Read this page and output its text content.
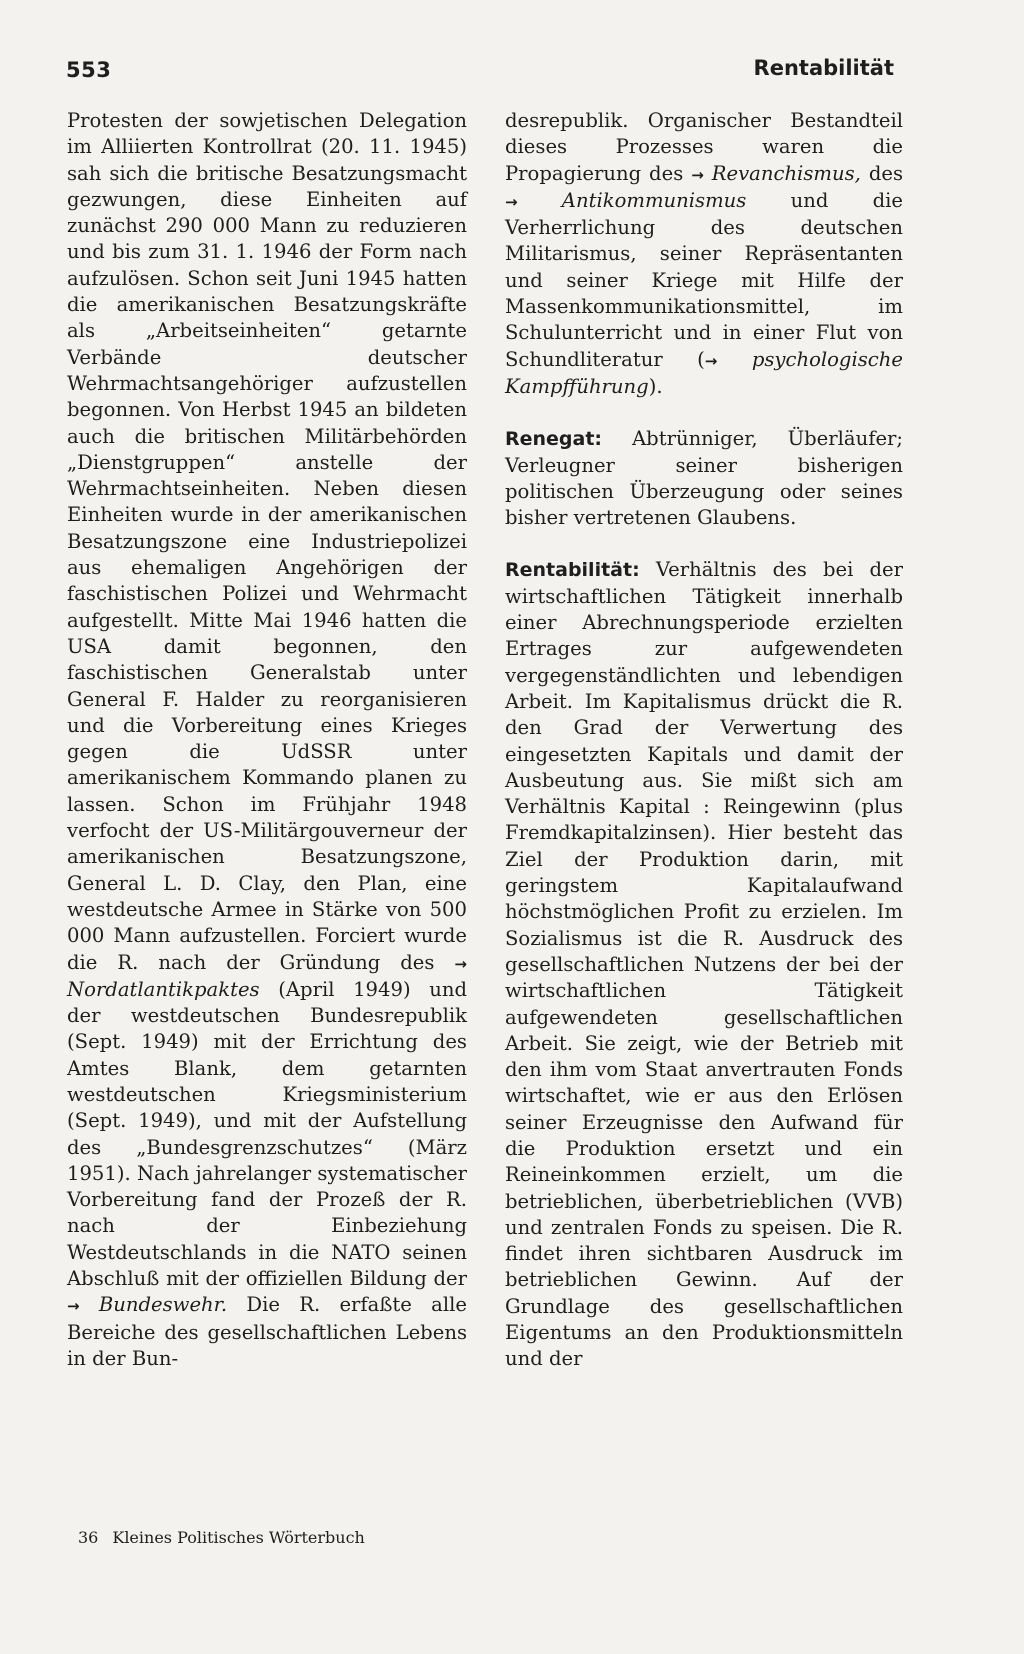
553	Rentabilität

Protesten der sowjetischen Delegation im Alliierten Kontrollrat (20. 11. 1945) sah sich die britische Besatzungsmacht gezwungen, diese Einheiten auf zunächst 290 000 Mann zu reduzieren und bis zum 31. 1. 1946 der Form nach aufzulösen. Schon seit Juni 1945 hatten die amerikanischen Besatzungskräfte als „Arbeitseinheiten“ getarnte Verbände deutscher Wehrmachtsangehöriger aufzustellen begonnen. Von Herbst 1945 an bildeten auch die britischen Militärbehörden „Dienstgruppen“ anstelle der Wehrmachtseinheiten. Neben diesen Einheiten wurde in der amerikanischen Besatzungszone eine Industriepolizei aus ehemaligen Angehörigen der faschistischen Polizei und Wehrmacht aufgestellt. Mitte Mai 1946 hatten die USA damit begonnen, den faschistischen Generalstab unter General F. Halder zu reorganisieren und die Vorbereitung eines Krieges gegen die UdSSR unter amerikanischem Kommando planen zu lassen. Schon im Frühjahr 1948 verfocht der US-Militärgouverneur der amerikanischen Besatzungszone, General L. D. Clay, den Plan, eine westdeutsche Armee in Stärke von 500 000 Mann aufzustellen. Forciert wurde die R. nach der Gründung des → Nordatlantikpaktes (April 1949) und der westdeutschen Bundesrepublik (Sept. 1949) mit der Errichtung des Amtes Blank, dem getarnten westdeutschen Kriegsministerium (Sept. 1949), und mit der Aufstellung des „Bundesgrenzschutzes“ (März 1951). Nach jahrelanger systematischer Vorbereitung fand der Prozeß der R. nach der Einbeziehung Westdeutschlands in die NATO seinen Abschluß mit der offiziellen Bildung der → Bundeswehr. Die R. erfaßte alle Bereiche des gesellschaftlichen Lebens in der Bun-

desrepublik. Organischer Bestandteil dieses Prozesses waren die Propagierung des → Revanchismus, des → Antikommunismus und die Verherrlichung des deutschen Militarismus, seiner Repräsentanten und seiner Kriege mit Hilfe der Massenkommunikationsmittel, im Schulunterricht und in einer Flut von Schundliteratur (→ psychologische Kampfführung).

Renegat: Abtrünniger, Überläufer; Verleugner seiner bisherigen politischen Überzeugung oder seines bisher vertretenen Glaubens.

Rentabilität: Verhältnis des bei der wirtschaftlichen Tätigkeit innerhalb einer Abrechnungsperiode erzielten Ertrages zur aufgewendeten vergegenständlichten und lebendigen Arbeit. Im Kapitalismus drückt die R. den Grad der Verwertung des eingesetzten Kapitals und damit der Ausbeutung aus. Sie mißt sich am Verhältnis Kapital : Reingewinn (plus Fremdkapitalzinsen). Hier besteht das Ziel der Produktion darin, mit geringstem Kapitalaufwand höchstmöglichen Profit zu erzielen. Im Sozialismus ist die R. Ausdruck des gesellschaftlichen Nutzens der bei der wirtschaftlichen Tätigkeit aufgewendeten gesellschaftlichen Arbeit. Sie zeigt, wie der Betrieb mit den ihm vom Staat anvertrauten Fonds wirtschaftet, wie er aus den Erlösen seiner Erzeugnisse den Aufwand für die Produktion ersetzt und ein Reineinkommen erzielt, um die betrieblichen, überbetrieblichen (VVB) und zentralen Fonds zu speisen. Die R. findet ihren sichtbaren Ausdruck im betrieblichen Gewinn. Auf der Grundlage des gesellschaftlichen Eigentums an den Produktionsmitteln und der

36 Kleines Politisches Wörterbuch
